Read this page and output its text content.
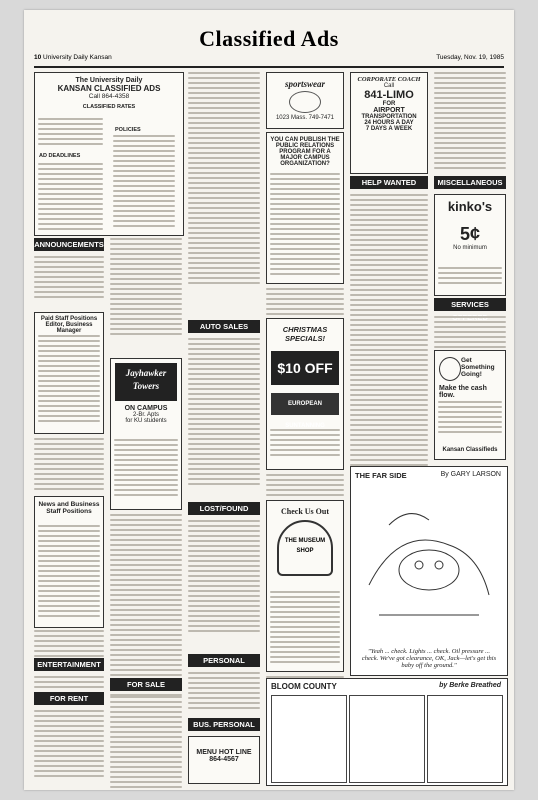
Classified Ads
10 University Daily Kansan	Tuesday, Nov. 19, 1985
The University Daily
KANSAN CLASSIFIED ADS
Call 864-4358
CLASSIFIED RATES
POLICIES
AD DEADLINES
ANNOUNCEMENTS
Paid Staff Positions
Editor, Business Manager
News and Business Staff Positions
ENTERTAINMENT
FOR RENT
Jayhawker Towers
ON CAMPUS
2-Br. Apts
for KU students
FOR SALE
AUTO SALES
LOST/FOUND
PERSONAL
BUS. PERSONAL
MENU HOT LINE
864-4567
sportswear
1023 Mass. 749-7471
YOU CAN PUBLISH THE PUBLIC RELATIONS PROGRAM FOR A MAJOR CAMPUS ORGANIZATION?
CHRISTMAS SPECIALS!
$10 OFF
EUROPEAN SUNTANNING
Check Us Out
THE MUSEUM SHOP
CORPORATE COACH
Call
841-LIMO
FOR
AIRPORT
TRANSPORTATION
24 HOURS A DAY
7 DAYS A WEEK
HELP WANTED	MISCELLANEOUS
kinko's
5¢
No minimum
SERVICES
Get Something Going!
Make the cash flow.
Kansan Classifieds
THE FAR SIDE	By GARY LARSON
"Yeah ... check. Lights ... check. Oil pressure ... check. We've got clearance, OK, Jack—let's get this baby off the ground."
BLOOM COUNTY	by Berke Breathed
